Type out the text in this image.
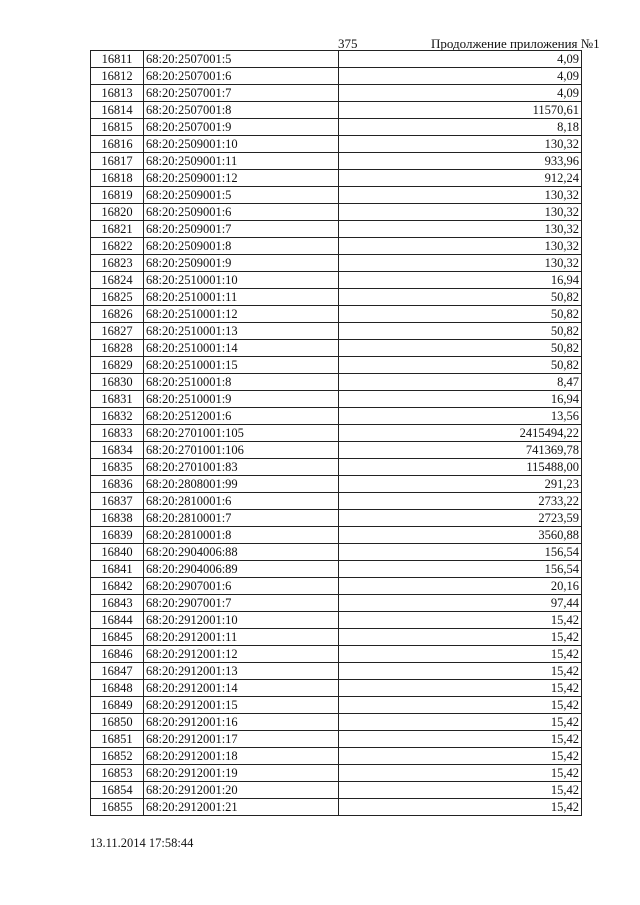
375	Продолжение приложения №1
16811	68:20:2507001:5	4,09
16812	68:20:2507001:6	4,09
16813	68:20:2507001:7	4,09
16814	68:20:2507001:8	11570,61
16815	68:20:2507001:9	8,18
16816	68:20:2509001:10	130,32
16817	68:20:2509001:11	933,96
16818	68:20:2509001:12	912,24
16819	68:20:2509001:5	130,32
16820	68:20:2509001:6	130,32
16821	68:20:2509001:7	130,32
16822	68:20:2509001:8	130,32
16823	68:20:2509001:9	130,32
16824	68:20:2510001:10	16,94
16825	68:20:2510001:11	50,82
16826	68:20:2510001:12	50,82
16827	68:20:2510001:13	50,82
16828	68:20:2510001:14	50,82
16829	68:20:2510001:15	50,82
16830	68:20:2510001:8	8,47
16831	68:20:2510001:9	16,94
16832	68:20:2512001:6	13,56
16833	68:20:2701001:105	2415494,22
16834	68:20:2701001:106	741369,78
16835	68:20:2701001:83	115488,00
16836	68:20:2808001:99	291,23
16837	68:20:2810001:6	2733,22
16838	68:20:2810001:7	2723,59
16839	68:20:2810001:8	3560,88
16840	68:20:2904006:88	156,54
16841	68:20:2904006:89	156,54
16842	68:20:2907001:6	20,16
16843	68:20:2907001:7	97,44
16844	68:20:2912001:10	15,42
16845	68:20:2912001:11	15,42
16846	68:20:2912001:12	15,42
16847	68:20:2912001:13	15,42
16848	68:20:2912001:14	15,42
16849	68:20:2912001:15	15,42
16850	68:20:2912001:16	15,42
16851	68:20:2912001:17	15,42
16852	68:20:2912001:18	15,42
16853	68:20:2912001:19	15,42
16854	68:20:2912001:20	15,42
16855	68:20:2912001:21	15,42
13.11.2014 17:58:44
